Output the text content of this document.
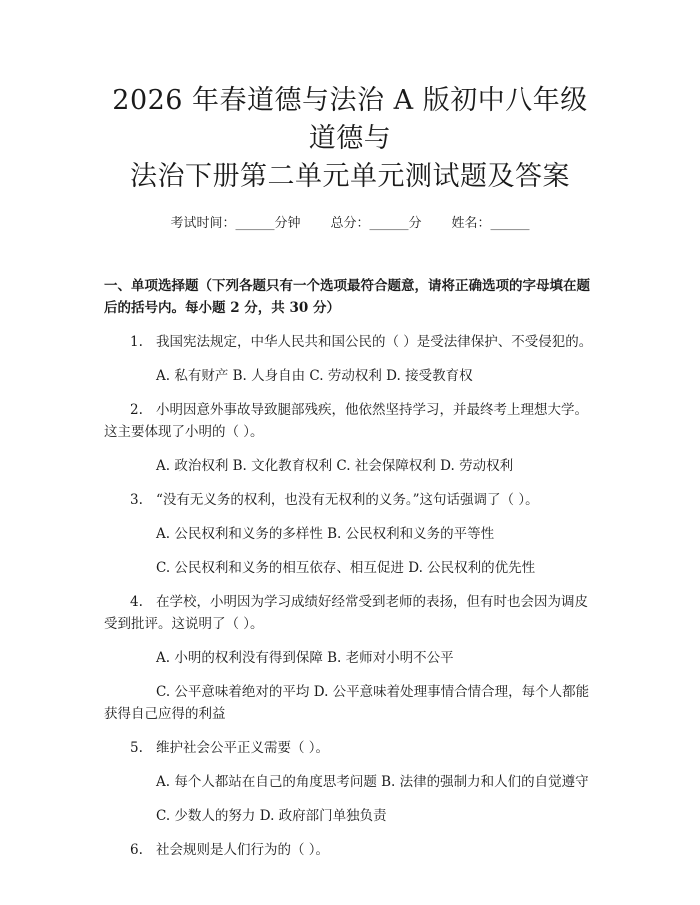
2026 年春道德与法治 A 版初中八年级道德与
法治下册第二单元单元测试题及答案
考试时间：______分钟 总分：______分 姓名：______
一、单项选择题（下列各题只有一个选项最符合题意，请将正确选项的字母填在题后的括号内。每小题 2 分，共 30 分）

1. 我国宪法规定，中华人民共和国公民的（ ）是受法律保护、不受侵犯的。

A. 私有财产 B. 人身自由 C. 劳动权利 D. 接受教育权

2. 小明因意外事故导致腿部残疾，他依然坚持学习，并最终考上理想大学。这主要体现了小明的（ ）。

A. 政治权利 B. 文化教育权利 C. 社会保障权利 D. 劳动权利

3. “没有无义务的权利，也没有无权利的义务。”这句话强调了（ ）。

A. 公民权利和义务的多样性 B. 公民权利和义务的平等性

C. 公民权利和义务的相互依存、相互促进 D. 公民权利的优先性

4. 在学校，小明因为学习成绩好经常受到老师的表扬，但有时也会因为调皮受到批评。这说明了（ ）。

A. 小明的权利没有得到保障 B. 老师对小明不公平

C. 公平意味着绝对的平均 D. 公平意味着处理事情合情合理，每个人都能获得自己应得的利益

5. 维护社会公平正义需要（ ）。

A. 每个人都站在自己的角度思考问题 B. 法律的强制力和人们的自觉遵守

C. 少数人的努力 D. 政府部门单独负责

6. 社会规则是人们行为的（ ）。
